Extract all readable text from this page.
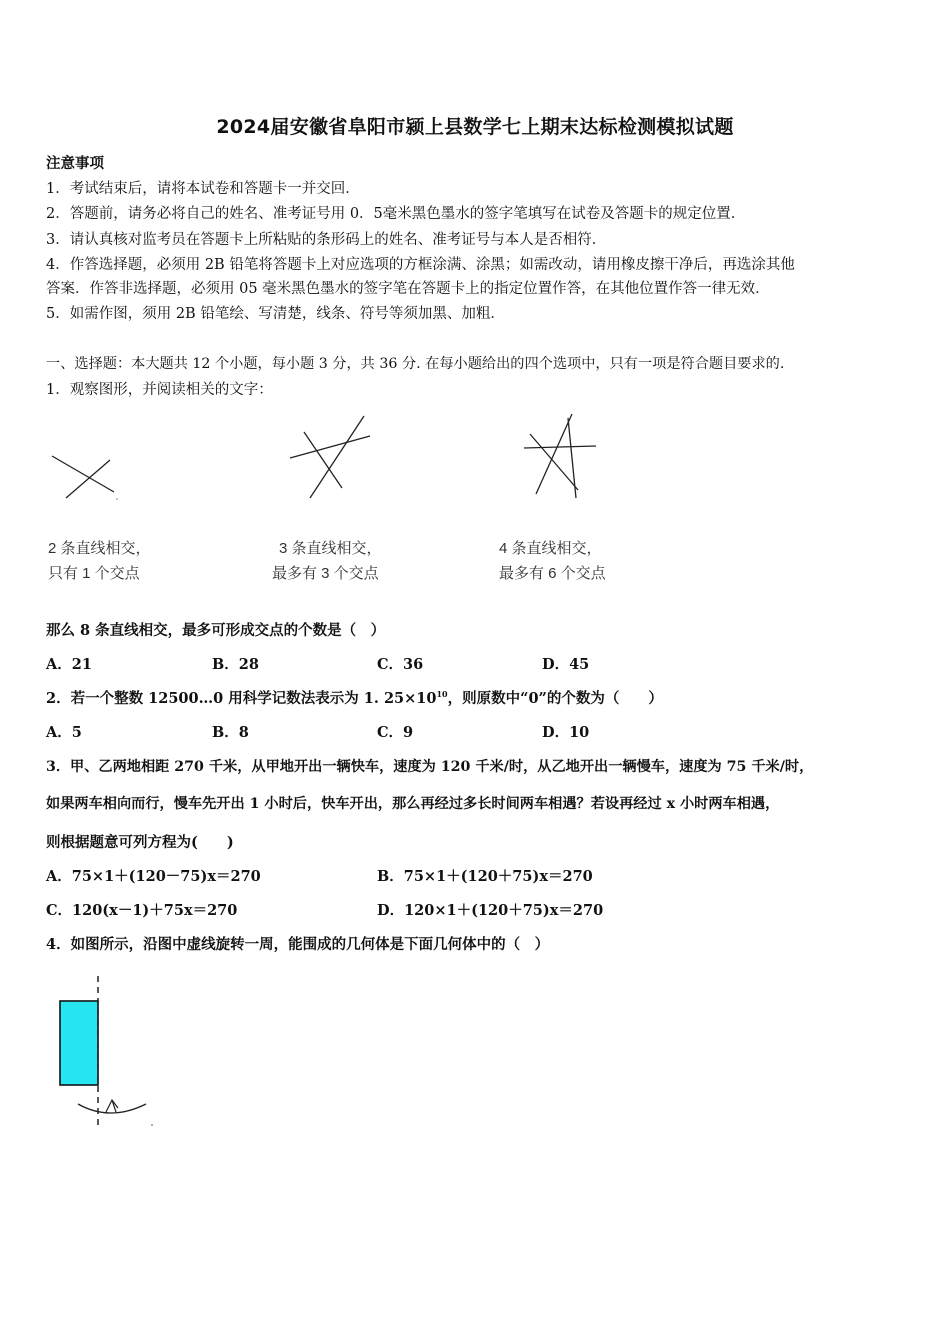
2024届安徽省阜阳市颍上县数学七上期末达标检测模拟试题
注意事项
1．考试结束后，请将本试卷和答题卡一并交回．
2．答题前，请务必将自己的姓名、准考证号用 0．5毫米黑色墨水的签字笔填写在试卷及答题卡的规定位置．
3．请认真核对监考员在答题卡上所粘贴的条形码上的姓名、准考证号与本人是否相符．
4．作答选择题，必须用 2B 铅笔将答题卡上对应选项的方框涂满、涂黑；如需改动，请用橡皮擦干净后，再选涂其他
答案．作答非选择题，必须用 05 毫米黑色墨水的签字笔在答题卡上的指定位置作答，在其他位置作答一律无效．
5．如需作图，须用 2B 铅笔绘、写清楚，线条、符号等须加黑、加粗．
一、选择题：本大题共 12 个小题，每小题 3 分，共 36 分. 在每小题给出的四个选项中，只有一项是符合题目要求的.
1．观察图形，并阅读相关的文字：
2 条直线相交，
只有 1 个交点
3 条直线相交，
最多有 3 个交点
4 条直线相交，
最多有 6 个交点
那么 8 条直线相交，最多可形成交点的个数是（　）
A．21	B．28	C．36	D．45
2．若一个整数 12500…0 用科学记数法表示为 1. $25\times 10^{10}$，则原数中“0”的个数为（　　）
A．5	B．8	C．9	D．10
3．甲、乙两地相距 270 千米，从甲地开出一辆快车，速度为 120 千米/时，从乙地开出一辆慢车，速度为 75 千米/时，
如果两车相向而行，慢车先开出 1 小时后，快车开出，那么再经过多长时间两车相遇？若设再经过 x 小时两车相遇，
则根据题意可列方程为(　　)
A．75×1＋(120－75)x＝270	B．75×1＋(120＋75)x＝270
C．120(x－1)＋75x＝270	D．120×1＋(120＋75)x＝270
4．如图所示，沿图中虚线旋转一周，能围成的几何体是下面几何体中的（　）
